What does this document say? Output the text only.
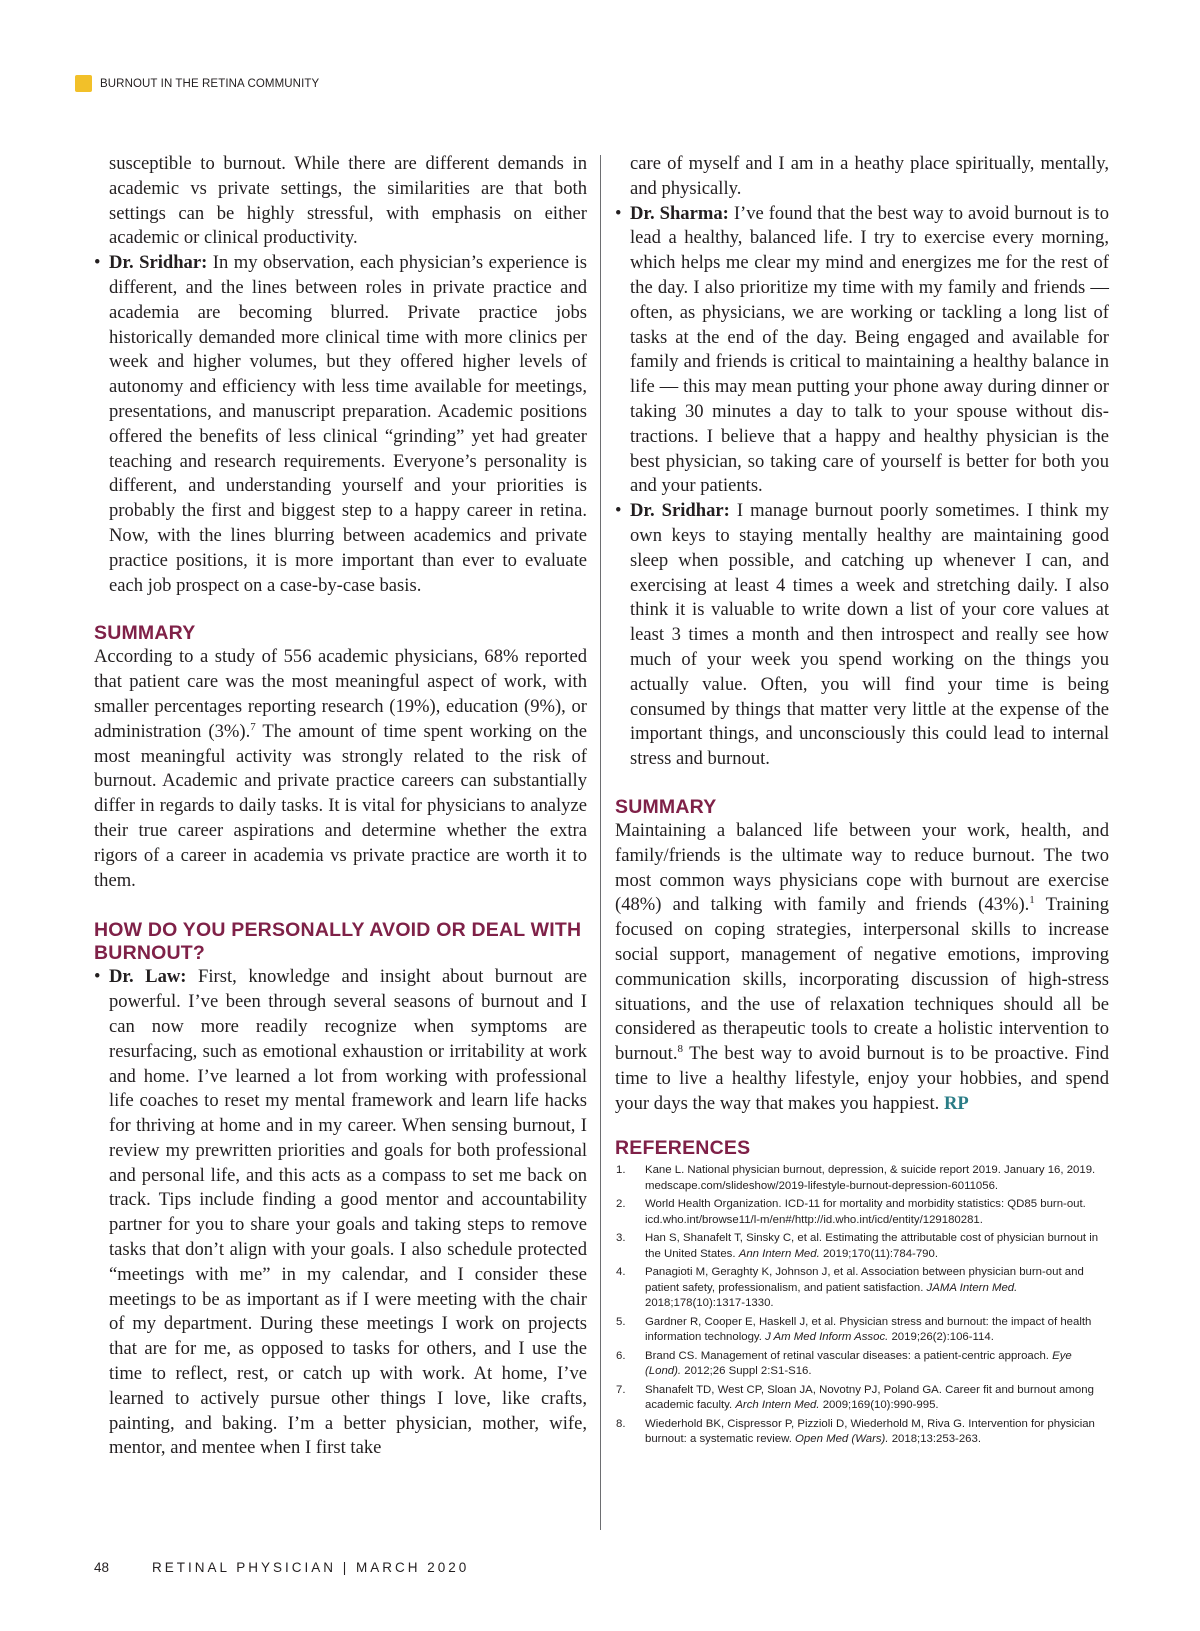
BURNOUT IN THE RETINA COMMUNITY

susceptible to burnout. While there are different demands in academic vs private settings, the similarities are that both settings can be highly stressful, with emphasis on either academic or clinical productivity.

• Dr. Sridhar: In my observation, each physician’s experience is different, and the lines between roles in private practice and academia are becoming blurred. Private practice jobs historically demanded more clinical time with more clinics per week and higher volumes, but they offered higher levels of autonomy and efficiency with less time available for meetings, presentations, and manuscript preparation. Academic positions offered the benefits of less clinical “grinding” yet had greater teaching and research requirements. Everyone’s personality is different, and understanding yourself and your priorities is probably the first and biggest step to a happy career in retina. Now, with the lines blurring between academics and private practice positions, it is more important than ever to evaluate each job prospect on a case-by-case basis.
SUMMARY

According to a study of 556 academic physicians, 68% reported that patient care was the most meaningful aspect of work, with smaller percentages reporting research (19%), education (9%), or administration (3%).$^7$ The amount of time spent working on the most meaningful activity was strongly related to the risk of burnout. Academic and private practice careers can substantially differ in regards to daily tasks. It is vital for physicians to analyze their true career aspirations and determine whether the extra rigors of a career in academia vs private practice are worth it to them.

HOW DO YOU PERSONALLY AVOID OR DEAL WITH BURNOUT?
• Dr. Law: First, knowledge and insight about burnout are powerful. I’ve been through several seasons of burnout and I can now more readily recognize when symptoms are resurfacing, such as emotional exhaustion or irritability at work and home. I’ve learned a lot from working with professional life coaches to reset my mental framework and learn life hacks for thriving at home and in my career. When sensing burnout, I review my prewritten priorities and goals for both professional and personal life, and this acts as a compass to set me back on track. Tips include finding a good mentor and accountability partner for you to share your goals and taking steps to remove tasks that don’t align with your goals. I also schedule protected “meetings with me” in my calendar, and I consider these meetings to be as important as if I were meeting with the chair of my department. During these meetings I work on projects that are for me, as opposed to tasks for others, and I use the time to reflect, rest, or catch up with work. At home, I’ve learned to actively pursue other things I love, like crafts, painting, and baking. I’m a better physician, mother, wife, mentor, and mentee when I first take

care of myself and I am in a heathy place spiritually, mentally, and physically.

• Dr. Sharma: I’ve found that the best way to avoid burnout is to lead a healthy, balanced life. I try to exercise every morning, which helps me clear my mind and energizes me for the rest of the day. I also prioritize my time with my family and friends — often, as physicians, we are working or tackling a long list of tasks at the end of the day. Being engaged and available for family and friends is critical to maintaining a healthy balance in life — this may mean putting your phone away during dinner or taking 30 minutes a day to talk to your spouse without distractions. I believe that a happy and healthy physician is the best physician, so taking care of yourself is better for both you and your patients.
• Dr. Sridhar: I manage burnout poorly sometimes. I think my own keys to staying mentally healthy are maintaining good sleep when possible, and catching up whenever I can, and exercising at least 4 times a week and stretching daily. I also think it is valuable to write down a list of your core values at least 3 times a month and then introspect and really see how much of your week you spend working on the things you actually value. Often, you will find your time is being consumed by things that matter very little at the expense of the important things, and unconsciously this could lead to internal stress and burnout.
SUMMARY

Maintaining a balanced life between your work, health, and family/friends is the ultimate way to reduce burnout. The two most common ways physicians cope with burnout are exercise (48%) and talking with family and friends (43%).$^1$ Training focused on coping strategies, interpersonal skills to increase social support, management of negative emotions, improving communication skills, incorporating discussion of high-stress situations, and the use of relaxation techniques should all be considered as therapeutic tools to create a holistic intervention to burnout.$^8$ The best way to avoid burnout is to be proactive. Find time to live a healthy lifestyle, enjoy your hobbies, and spend your days the way that makes you happiest. RP

REFERENCES
1. Kane L. National physician burnout, depression, & suicide report 2019. January 16, 2019. medscape.com/slideshow/2019-lifestyle-burnout-depression-6011056.
2. World Health Organization. ICD-11 for mortality and morbidity statistics: QD85 burn-out. icd.who.int/browse11/l-m/en#/http://id.who.int/icd/entity/129180281.
3. Han S, Shanafelt T, Sinsky C, et al. Estimating the attributable cost of physician burnout in the United States. Ann Intern Med. 2019;170(11):784-790.
4. Panagioti M, Geraghty K, Johnson J, et al. Association between physician burn-out and patient safety, professionalism, and patient satisfaction. JAMA Intern Med. 2018;178(10):1317-1330.
5. Gardner R, Cooper E, Haskell J, et al. Physician stress and burnout: the impact of health information technology. J Am Med Inform Assoc. 2019;26(2):106-114.
6. Brand CS. Management of retinal vascular diseases: a patient-centric approach. Eye (Lond). 2012;26 Suppl 2:S1-S16.
7. Shanafelt TD, West CP, Sloan JA, Novotny PJ, Poland GA. Career fit and burnout among academic faculty. Arch Intern Med. 2009;169(10):990-995.
8. Wiederhold BK, Cispressor P, Pizzioli D, Wiederhold M, Riva G. Intervention for physician burnout: a systematic review. Open Med (Wars). 2018;13:253-263.
48	RETINAL PHYSICIAN | MARCH 2020
